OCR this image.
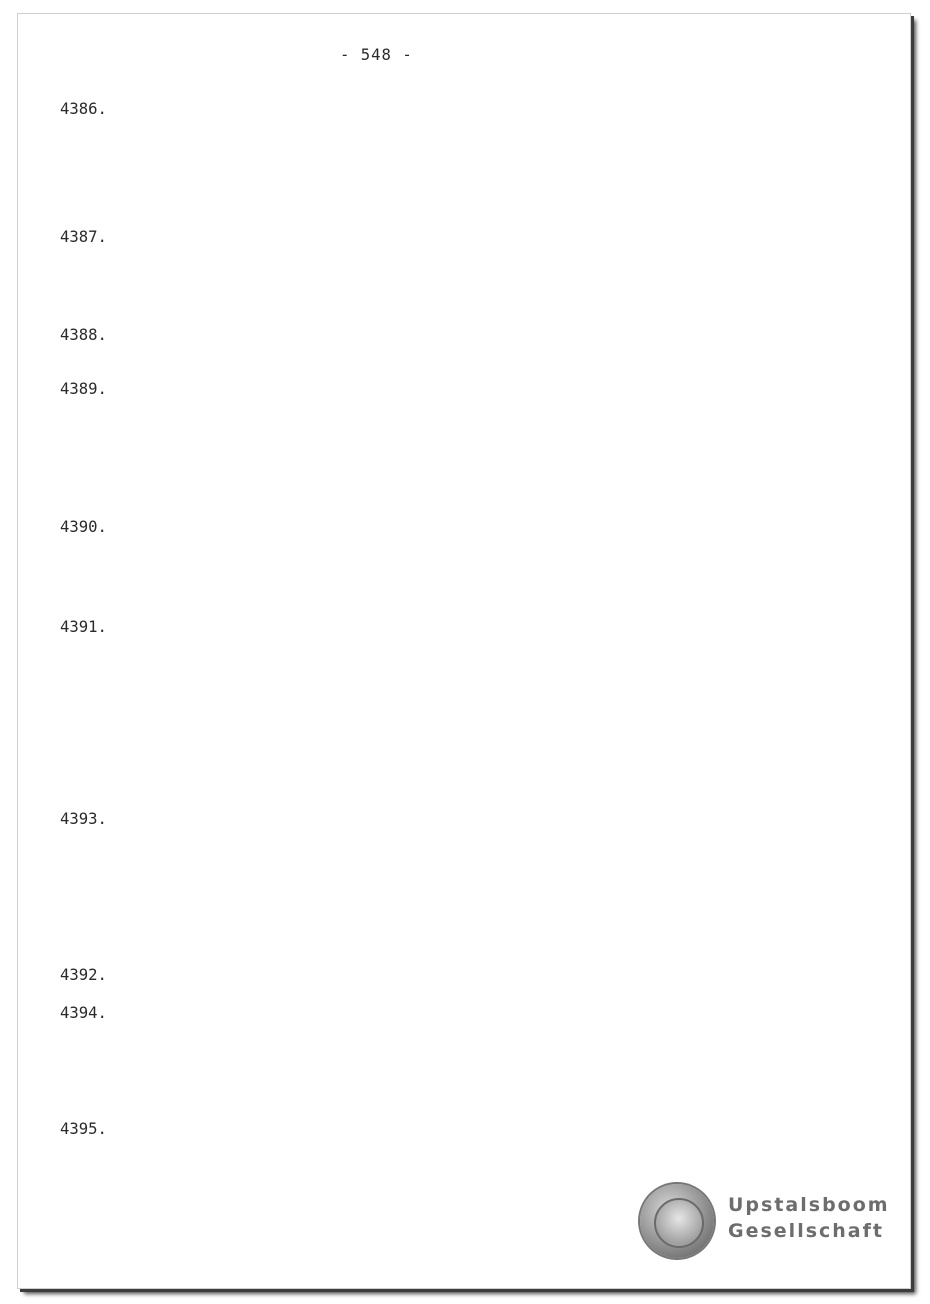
- 548 -
4386.
4387.
4388.
4389.
4390.
4391.
4393.
4392.
4394.
4395.
Upstalsboom
Gesellschaft
